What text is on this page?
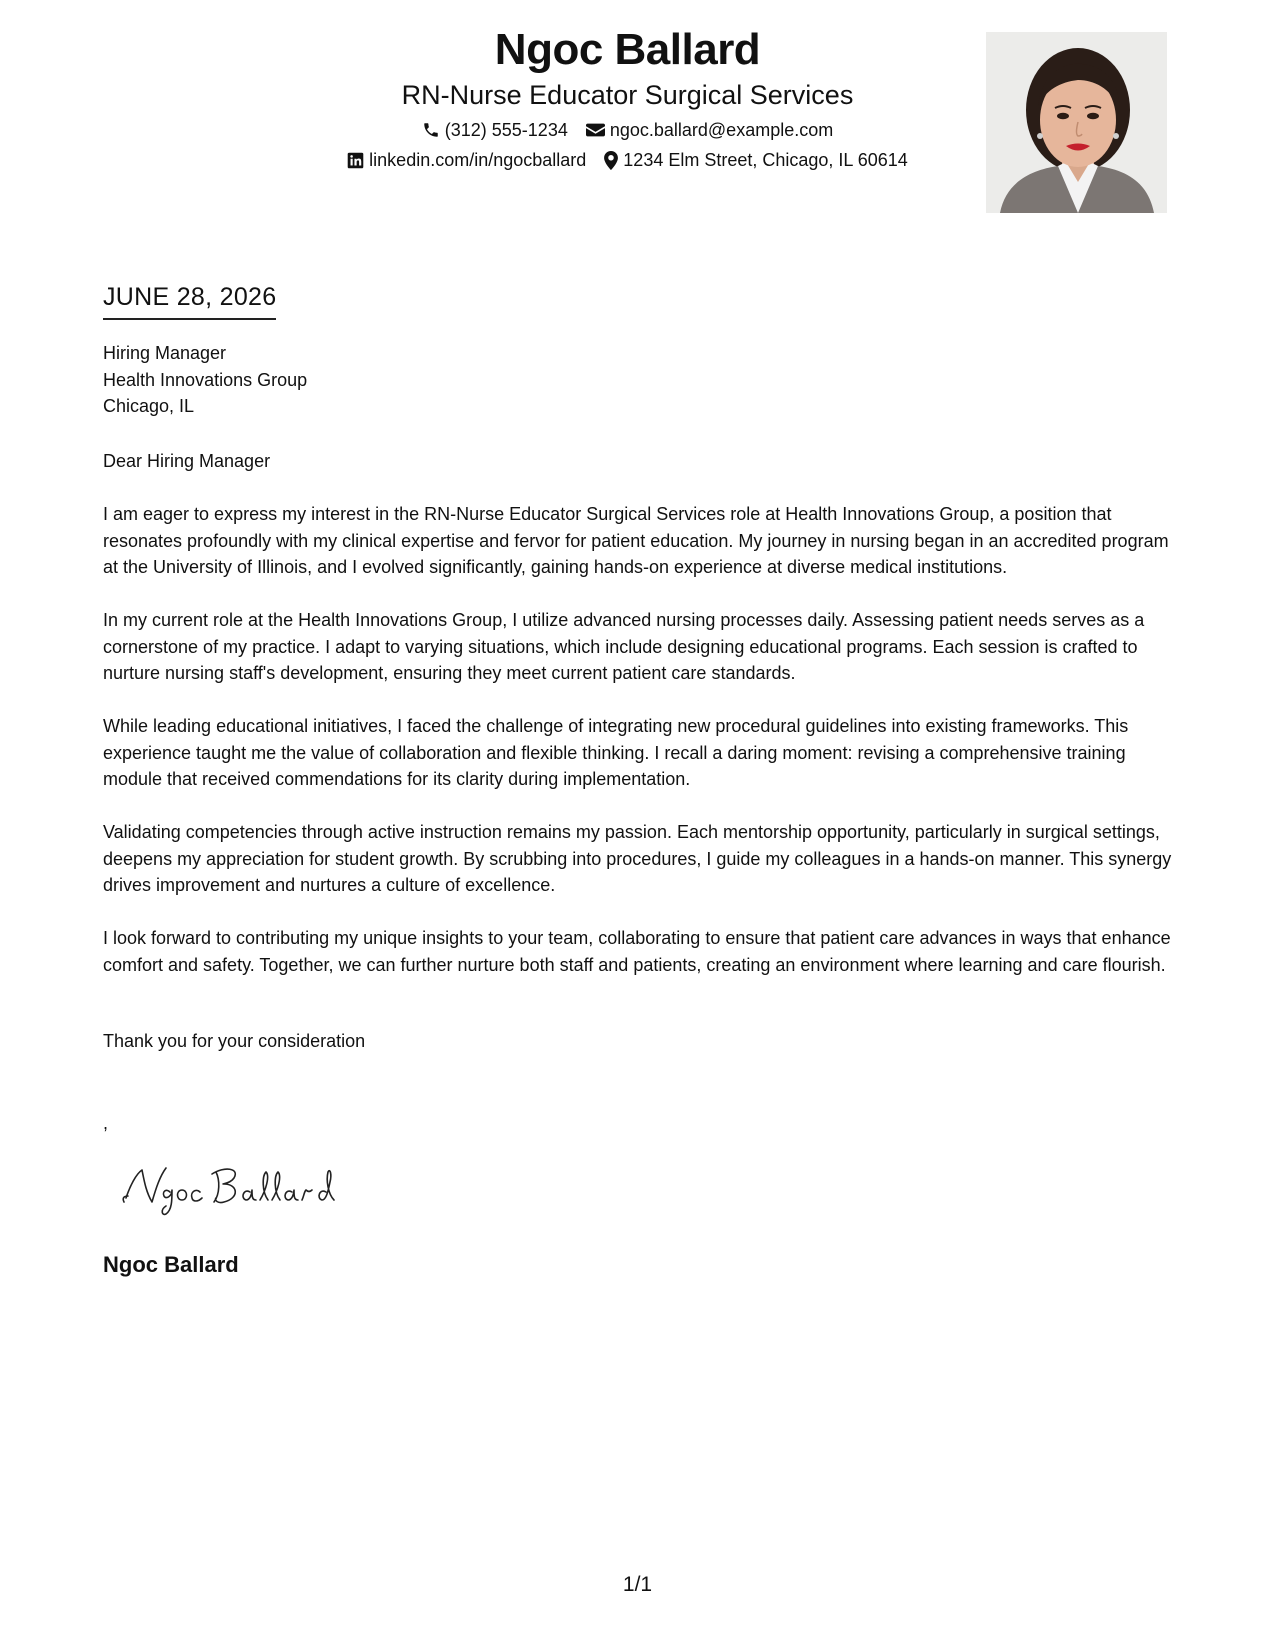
Ngoc Ballard
RN-Nurse Educator Surgical Services
(312) 555-1234 ngoc.ballard@example.com
linkedin.com/in/ngocballard 1234 Elm Street, Chicago, IL 60614
JUNE 28, 2026
Hiring Manager
Health Innovations Group
Chicago, IL
Dear Hiring Manager

I am eager to express my interest in the RN-Nurse Educator Surgical Services role at Health Innovations Group, a position that resonates profoundly with my clinical expertise and fervor for patient education. My journey in nursing began in an accredited program at the University of Illinois, and I evolved significantly, gaining hands-on experience at diverse medical institutions.

In my current role at the Health Innovations Group, I utilize advanced nursing processes daily. Assessing patient needs serves as a cornerstone of my practice. I adapt to varying situations, which include designing educational programs. Each session is crafted to nurture nursing staff's development, ensuring they meet current patient care standards.

While leading educational initiatives, I faced the challenge of integrating new procedural guidelines into existing frameworks. This experience taught me the value of collaboration and flexible thinking. I recall a daring moment: revising a comprehensive training module that received commendations for its clarity during implementation.

Validating competencies through active instruction remains my passion. Each mentorship opportunity, particularly in surgical settings, deepens my appreciation for student growth. By scrubbing into procedures, I guide my colleagues in a hands-on manner. This synergy drives improvement and nurtures a culture of excellence.

I look forward to contributing my unique insights to your team, collaborating to ensure that patient care advances in ways that enhance comfort and safety. Together, we can further nurture both staff and patients, creating an environment where learning and care flourish.

Thank you for your consideration
,
Ngoc Ballard
1/1
